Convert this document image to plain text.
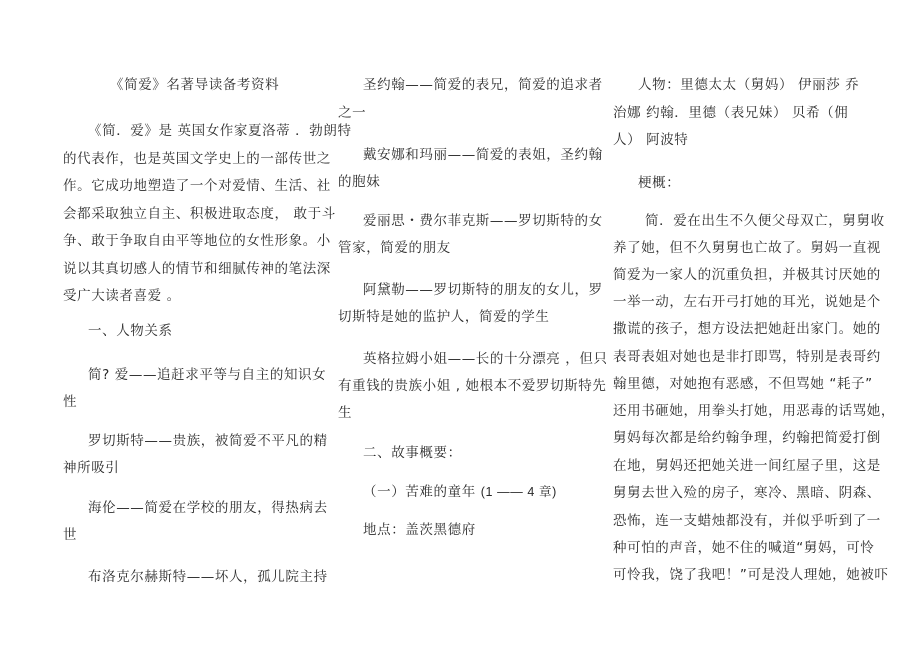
《简爱》名著导读备考资料
《简．爱》是 英国女作家夏洛蒂 ．勃朗特
的代表作，也是英国文学史上的一部传世之
作。它成功地塑造了一个对爱情、生活、社
会都采取独立自主、积极进取态度， 敢于斗
争、敢于争取自由平等地位的女性形象。小
说以其真切感人的情节和细腻传神的笔法深
受广大读者喜爱 。
一、人物关系
简? 爱——追赶求平等与自主的知识女
性
罗切斯特——贵族，被简爱不平凡的精
神所吸引
海伦——简爱在学校的朋友，得热病去
世
布洛克尔赫斯特——坏人，孤儿院主持
圣约翰——简爱的表兄，简爱的追求者
之一
戴安娜和玛丽——简爱的表姐，圣约翰
的胞妹
爱丽思・费尔菲克斯——罗切斯特的女
管家，简爱的朋友
阿黛勒——罗切斯特的朋友的女儿，罗
切斯特是她的监护人，简爱的学生
英格拉姆小姐——长的十分漂亮 ，但只
有重钱的贵族小姐 , 她根本不爱罗切斯特先
生
二、故事概要：
（一）苦难的童年 (1 —— 4 章)
地点：盖茨黑德府
人物：里德太太（舅妈） 伊丽莎 乔
治娜 约翰．里德（表兄妹） 贝希（佣
人） 阿波特
梗概：
简．爱在出生不久便父母双亡，舅舅收
养了她，但不久舅舅也亡故了。舅妈一直视
简爱为一家人的沉重负担，并极其讨厌她的
一举一动，左右开弓打她的耳光，说她是个
撒谎的孩子，想方设法把她赶出家门。她的
表哥表姐对她也是非打即骂，特别是表哥约
翰里德，对她抱有恶感，不但骂她 “耗子”
还用书砸她，用拳头打她，用恶毒的话骂她，
舅妈每次都是给约翰争理，约翰把简爱打倒
在地，舅妈还把她关进一间红屋子里，这是
舅舅去世入殓的房子，寒冷、黑暗、阴森、
恐怖，连一支蜡烛都没有，并似乎听到了一
种可怕的声音，她不住的喊道“舅妈，可怜
可怜我，饶了我吧！”可是没人理她，她被吓
